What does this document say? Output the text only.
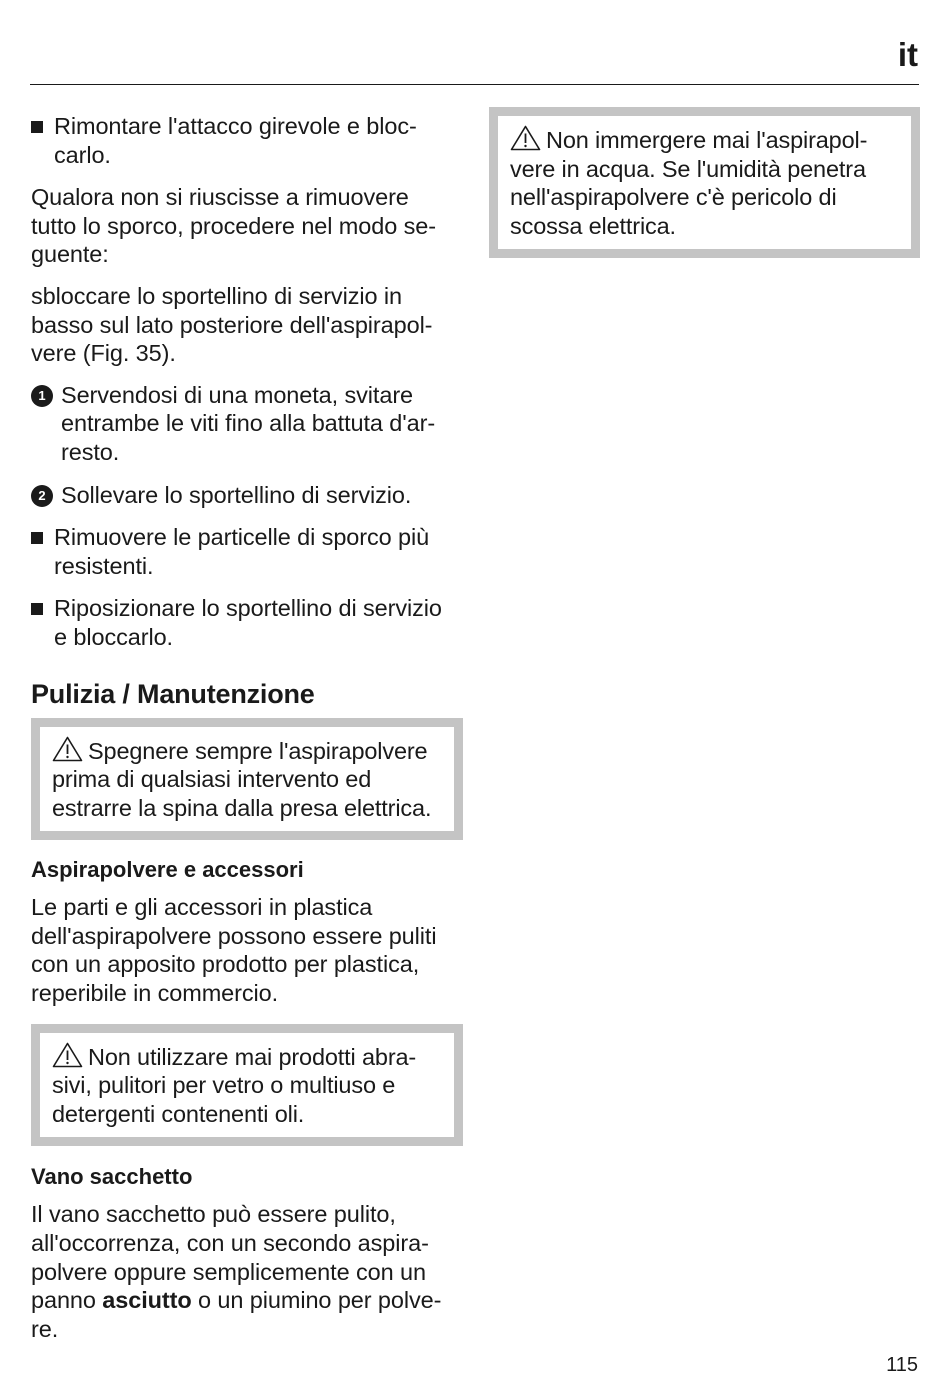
it

Rimontare l'attacco girevole e bloc-
carlo.

Qualora non si riuscisse a rimuovere
tutto lo sporco, procedere nel modo se-
guente:

sbloccare lo sportellino di servizio in
basso sul lato posteriore dell'aspirapol-
vere (Fig. 35).

1 Servendosi di una moneta, svitare
entrambe le viti fino alla battuta d'ar-
resto.

2 Sollevare lo sportellino di servizio.

Rimuovere le particelle di sporco più
resistenti.

Riposizionare lo sportellino di servizio
e bloccarlo.

Pulizia / Manutenzione

Spegnere sempre l'aspirapolvere
prima di qualsiasi intervento ed
estrarre la spina dalla presa elettrica.

Aspirapolvere e accessori

Le parti e gli accessori in plastica
dell'aspirapolvere possono essere puliti
con un apposito prodotto per plastica,
reperibile in commercio.

Non utilizzare mai prodotti abra-
sivi, pulitori per vetro o multiuso e
detergenti contenenti oli.

Vano sacchetto

Il vano sacchetto può essere pulito,
all'occorrenza, con un secondo aspira-
polvere oppure semplicemente con un
panno asciutto o un piumino per polve-
re.

Non immergere mai l'aspirapol-
vere in acqua. Se l'umidità penetra
nell'aspirapolvere c'è pericolo di
scossa elettrica.

115
